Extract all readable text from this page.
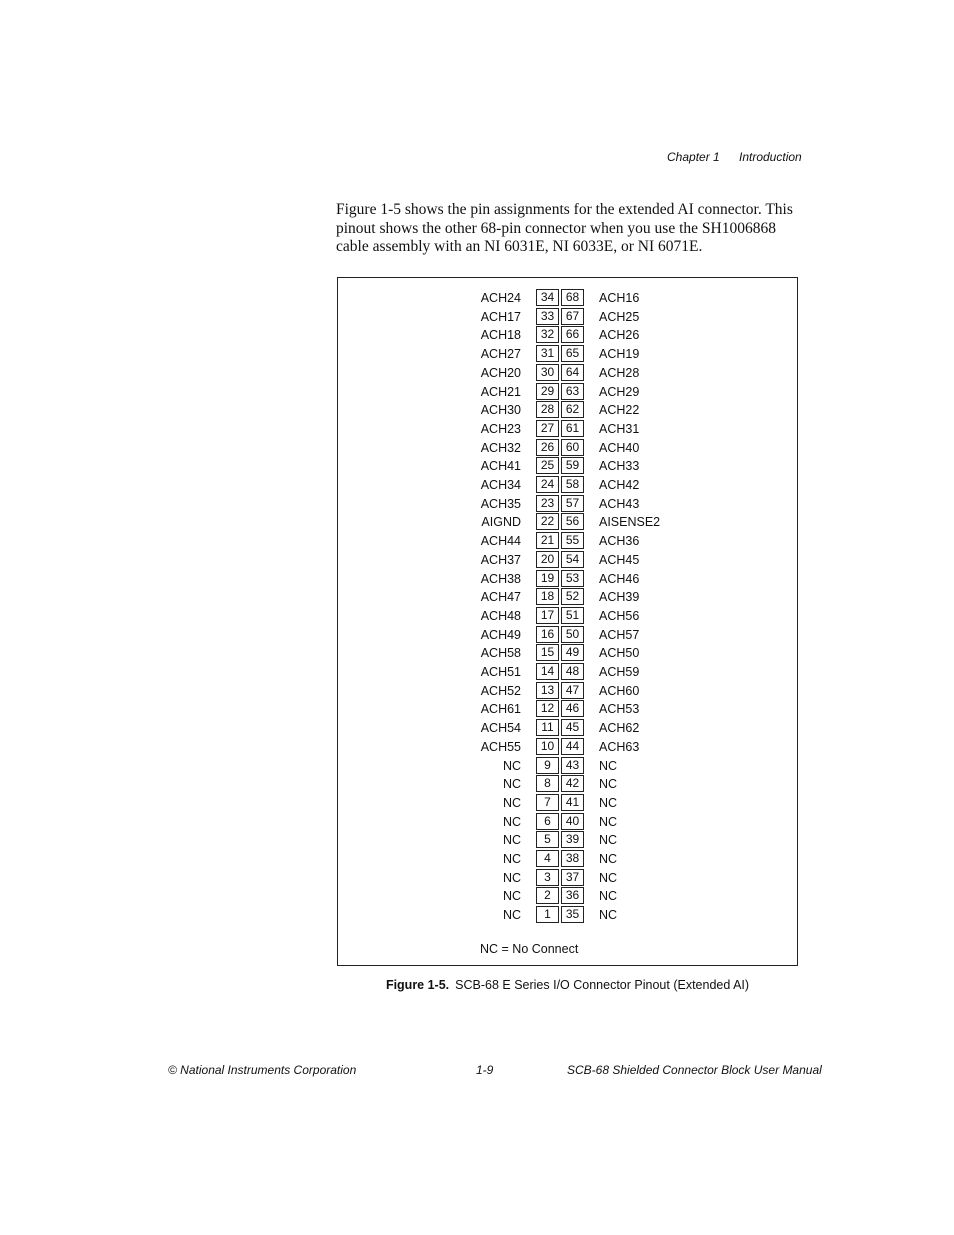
Chapter 1 Introduction

Figure 1-5 shows the pin assignments for the extended AI connector. This pinout shows the other 68-pin connector when you use the SH1006868 cable assembly with an NI 6031E, NI 6033E, or NI 6071E.

ACH24	34 68	ACH16
ACH17	33 67	ACH25
ACH18	32 66	ACH26
ACH27	31 65	ACH19
ACH20	30 64	ACH28
ACH21	29 63	ACH29
ACH30	28 62	ACH22
ACH23	27 61	ACH31
ACH32	26 60	ACH40
ACH41	25 59	ACH33
ACH34	24 58	ACH42
ACH35	23 57	ACH43
AIGND	22 56	AISENSE2
ACH44	21 55	ACH36
ACH37	20 54	ACH45
ACH38	19 53	ACH46
ACH47	18 52	ACH39
ACH48	17 51	ACH56
ACH49	16 50	ACH57
ACH58	15 49	ACH50
ACH51	14 48	ACH59
ACH52	13 47	ACH60
ACH61	12 46	ACH53
ACH54	11	45	ACH62
ACH55	10 44	ACH63
NC	9	43	NC
NC	8	42	NC
NC	7	41	NC
NC	6	40	NC
NC	5	39	NC
NC	4	38	NC
NC	3	37	NC
NC	2	36	NC
NC	1	35	NC
NC = No Connect
Figure 1-5. SCB-68 E Series I/O Connector Pinout (Extended AI)
© National Instruments Corporation	1-9	SCB-68 Shielded Connector Block User Manual
